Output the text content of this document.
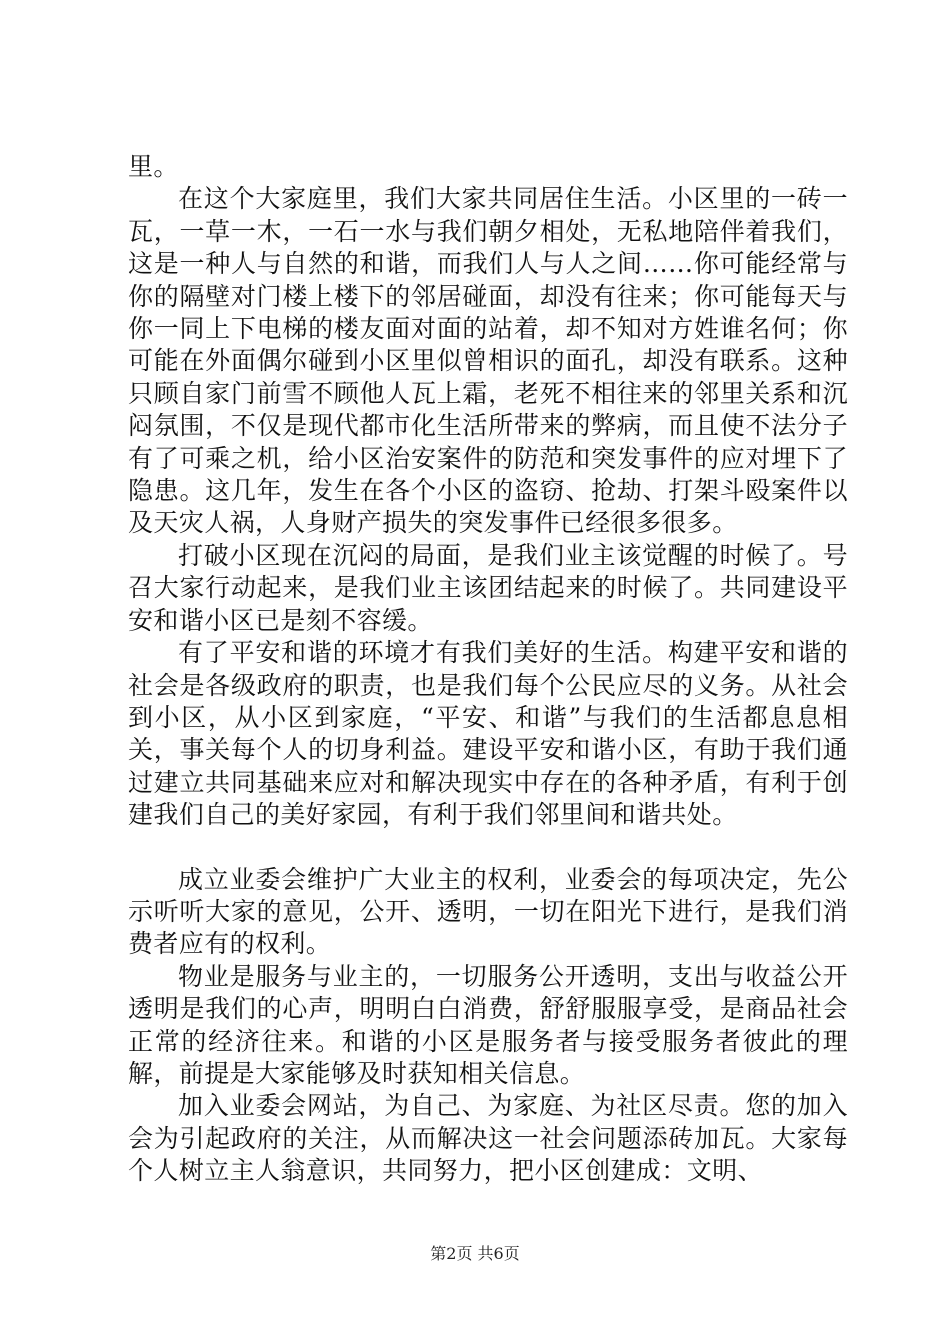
里。

在这个大家庭里，我们大家共同居住生活。小区里的一砖一瓦，一草一木，一石一水与我们朝夕相处，无私地陪伴着我们，这是一种人与自然的和谐，而我们人与人之间……你可能经常与你的隔壁对门楼上楼下的邻居碰面，却没有往来；你可能每天与你一同上下电梯的楼友面对面的站着，却不知对方姓谁名何；你可能在外面偶尔碰到小区里似曾相识的面孔，却没有联系。这种只顾自家门前雪不顾他人瓦上霜，老死不相往来的邻里关系和沉闷氛围，不仅是现代都市化生活所带来的弊病，而且使不法分子有了可乘之机，给小区治安案件的防范和突发事件的应对埋下了隐患。这几年，发生在各个小区的盗窃、抢劫、打架斗殴案件以及天灾人祸，人身财产损失的突发事件已经很多很多。

打破小区现在沉闷的局面，是我们业主该觉醒的时候了。号召大家行动起来，是我们业主该团结起来的时候了。共同建设平安和谐小区已是刻不容缓。

有了平安和谐的环境才有我们美好的生活。构建平安和谐的社会是各级政府的职责，也是我们每个公民应尽的义务。从社会到小区，从小区到家庭，“平安、和谐”与我们的生活都息息相关，事关每个人的切身利益。建设平安和谐小区，有助于我们通过建立共同基础来应对和解决现实中存在的各种矛盾，有利于创建我们自己的美好家园，有利于我们邻里间和谐共处。

成立业委会维护广大业主的权利，业委会的每项决定，先公示听听大家的意见，公开、透明，一切在阳光下进行，是我们消费者应有的权利。

物业是服务与业主的，一切服务公开透明，支出与收益公开透明是我们的心声，明明白白消费，舒舒服服享受，是商品社会正常的经济往来。和谐的小区是服务者与接受服务者彼此的理解，前提是大家能够及时获知相关信息。

加入业委会网站，为自己、为家庭、为社区尽责。您的加入会为引起政府的关注，从而解决这一社会问题添砖加瓦。大家每个人树立主人翁意识，共同努力，把小区创建成：文明、

第2页 共6页
